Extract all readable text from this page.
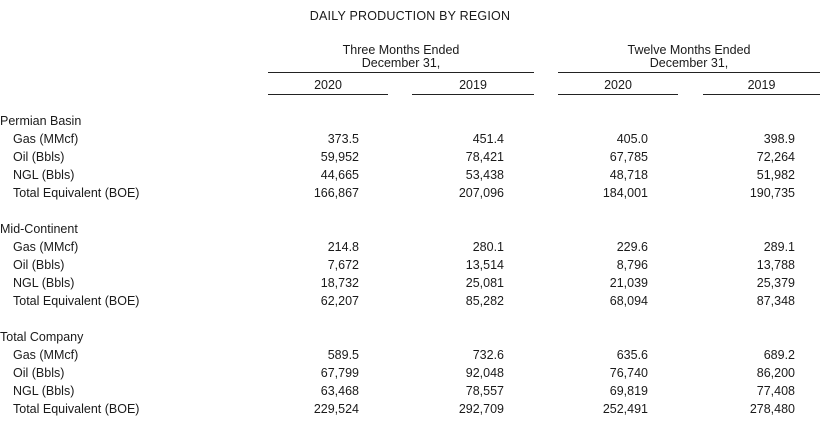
DAILY PRODUCTION BY REGION
Three Months Ended
December 31,
Twelve Months Ended
December 31,
2020	2019	2020	2019
Permian Basin
Gas (MMcf)	373.5	451.4	405.0	398.9
Oil (Bbls)	59,952	78,421	67,785	72,264
NGL (Bbls)	44,665	53,438	48,718	51,982
Total Equivalent (BOE)	166,867	207,096	184,001	190,735
Mid-Continent
Gas (MMcf)	214.8	280.1	229.6	289.1
Oil (Bbls)	7,672	13,514	8,796	13,788
NGL (Bbls)	18,732	25,081	21,039	25,379
Total Equivalent (BOE)	62,207	85,282	68,094	87,348
Total Company
Gas (MMcf)	589.5	732.6	635.6	689.2
Oil (Bbls)	67,799	92,048	76,740	86,200
NGL (Bbls)	63,468	78,557	69,819	77,408
Total Equivalent (BOE)	229,524	292,709	252,491	278,480
